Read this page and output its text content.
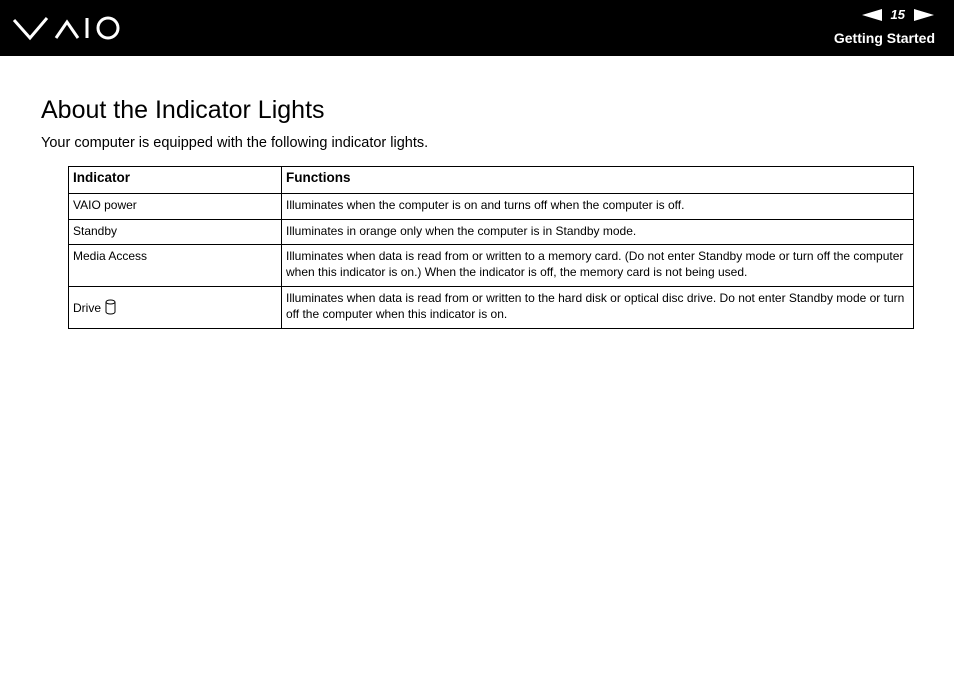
15
Getting Started
About the Indicator Lights

Your computer is equipped with the following indicator lights.

Indicator	Functions
VAIO power	Illuminates when the computer is on and turns off when the computer is off.
Standby	Illuminates in orange only when the computer is in Standby mode.
Media Access	Illuminates when data is read from or written to a memory card. (Do not enter Standby mode or turn off the computer when this indicator is on.) When the indicator is off, the memory card is not being used.
Drive	Illuminates when data is read from or written to the hard disk or optical disc drive. Do not enter Standby mode or turn off the computer when this indicator is on.
